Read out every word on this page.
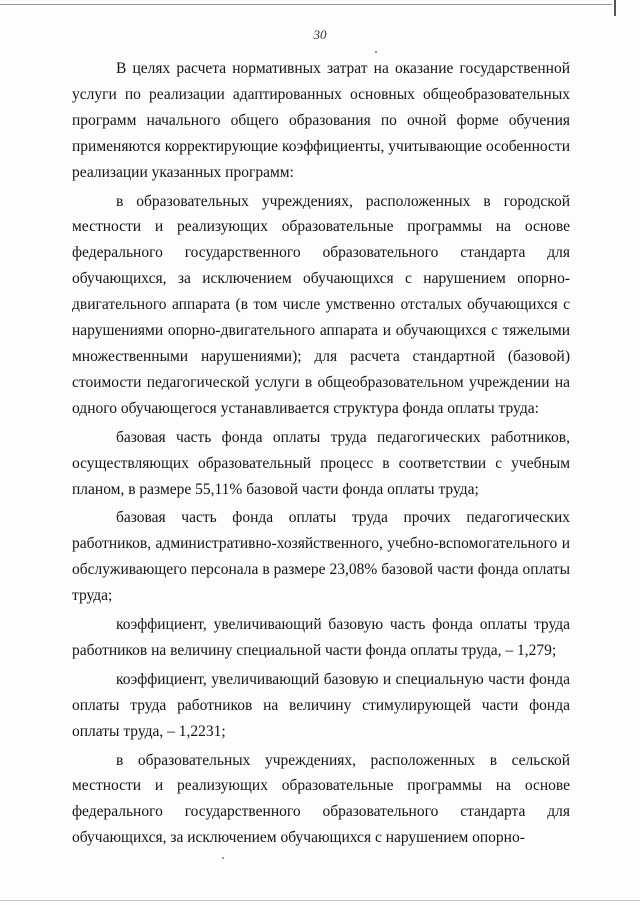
30

В целях расчета нормативных затрат на оказание государственной услуги по реализации адаптированных основных общеобразовательных программ начального общего образования по очной форме обучения применяются корректирующие коэффициенты, учитывающие особенности реализации указанных программ:

в образовательных учреждениях, расположенных в городской местности и реализующих образовательные программы на основе федерального государственного образовательного стандарта для обучающихся, за исключением обучающихся с нарушением опорно-двигательного аппарата (в том числе умственно отсталых обучающихся с нарушениями опорно-двигательного аппарата и обучающихся с тяжелыми множественными нарушениями); для расчета стандартной (базовой) стоимости педагогической услуги в общеобразовательном учреждении на одного обучающегося устанавливается структура фонда оплаты труда:

базовая часть фонда оплаты труда педагогических работников, осуществляющих образовательный процесс в соответствии с учебным планом, в размере 55,11% базовой части фонда оплаты труда;

базовая часть фонда оплаты труда прочих педагогических работников, административно-хозяйственного, учебно-вспомогательного и обслуживающего персонала в размере 23,08% базовой части фонда оплаты труда;

коэффициент, увеличивающий базовую часть фонда оплаты труда работников на величину специальной части фонда оплаты труда, – 1,279;

коэффициент, увеличивающий базовую и специальную части фонда оплаты труда работников на величину стимулирующей части фонда оплаты труда, – 1,2231;

в образовательных учреждениях, расположенных в сельской местности и реализующих образовательные программы на основе федерального государственного образовательного стандарта для обучающихся, за исключением обучающихся с нарушением опорно-
